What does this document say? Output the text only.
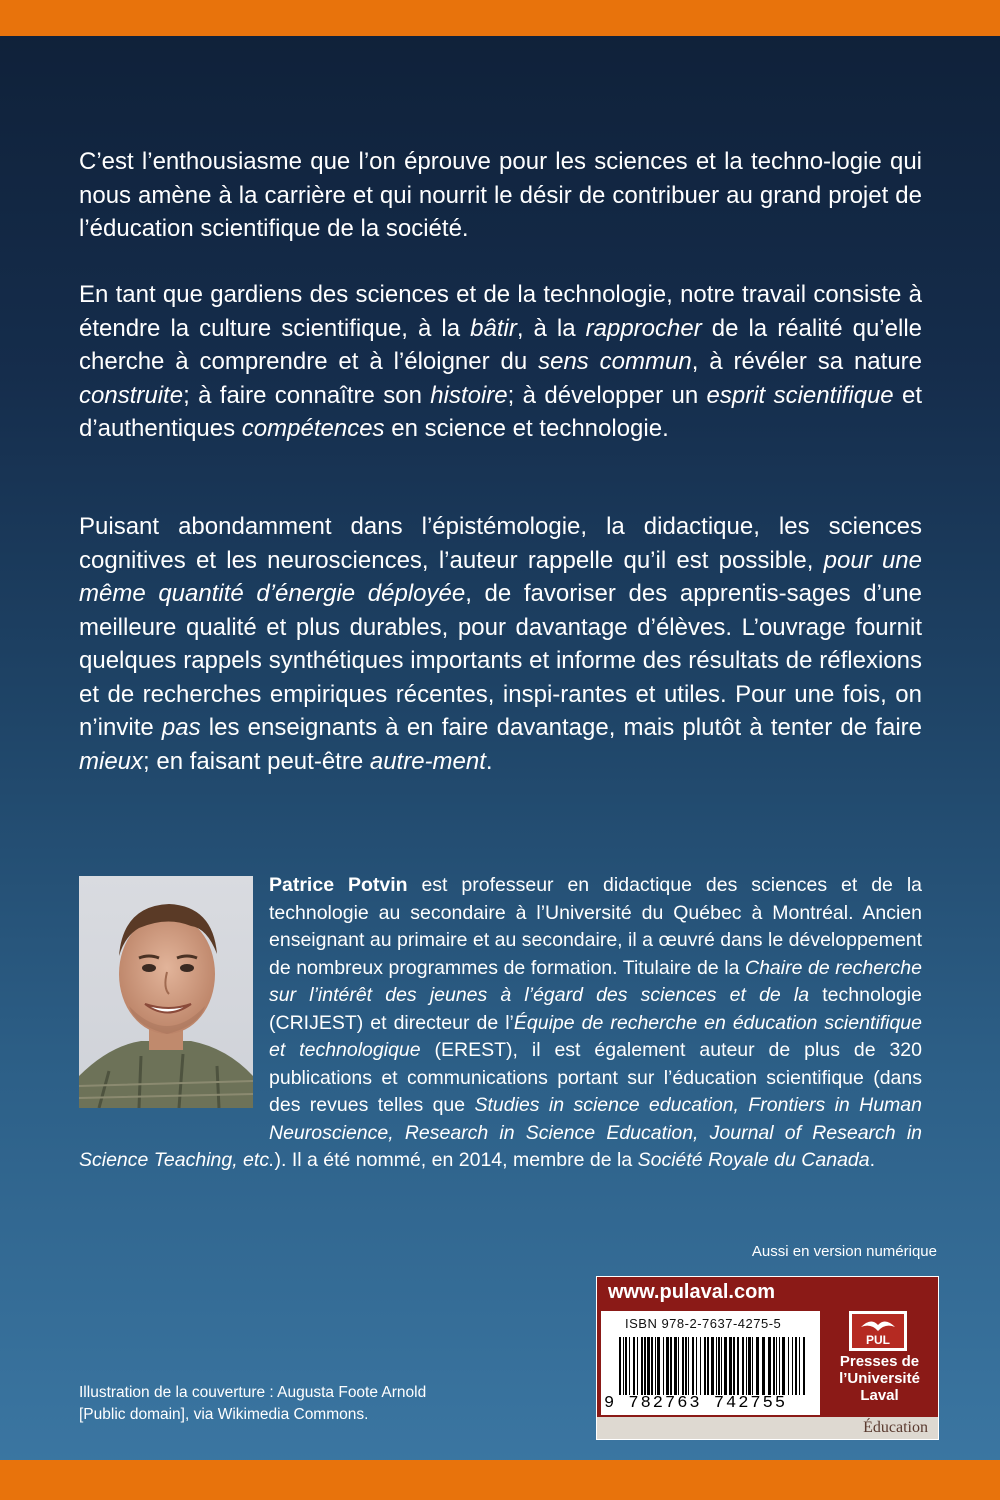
C’est l’enthousiasme que l’on éprouve pour les sciences et la techno-logie qui nous amène à la carrière et qui nourrit le désir de contribuer au grand projet de l’éducation scientifique de la société.

En tant que gardiens des sciences et de la technologie, notre travail consiste à étendre la culture scientifique, à la bâtir, à la rapprocher de la réalité qu’elle cherche à comprendre et à l’éloigner du sens commun, à révéler sa nature construite; à faire connaître son histoire; à développer un esprit scientifique et d’authentiques compétences en science et technologie.

Puisant abondamment dans l’épistémologie, la didactique, les sciences cognitives et les neurosciences, l’auteur rappelle qu’il est possible, pour une même quantité d’énergie déployée, de favoriser des apprentis-sages d’une meilleure qualité et plus durables, pour davantage d’élèves. L’ouvrage fournit quelques rappels synthétiques importants et informe des résultats de réflexions et de recherches empiriques récentes, inspi-rantes et utiles. Pour une fois, on n’invite pas les enseignants à en faire davantage, mais plutôt à tenter de faire mieux; en faisant peut-être autre-ment.

Patrice Potvin est professeur en didactique des sciences et de la technologie au secondaire à l’Université du Québec à Montréal. Ancien enseignant au primaire et au secondaire, il a œuvré dans le développement de nombreux programmes de formation. Titulaire de la Chaire de recherche sur l’intérêt des jeunes à l’égard des sciences et de la technologie (CRIJEST) et directeur de l’Équipe de recherche en éducation scientifique et technologique (EREST), il est également auteur de plus de 320 publications et communications portant sur l’éducation scientifique (dans des revues telles que Studies in science education, Frontiers in Human Neuroscience, Research in Science Education, Journal of Research in Science Teaching, etc.). Il a été nommé, en 2014, membre de la Société Royale du Canada.

Aussi en version numérique
www.pulaval.com
ISBN 978-2-7637-4275-5
9 782763 742755
PUL
Presses de
l’Université
Laval
Éducation
Illustration de la couverture : Augusta Foote Arnold
[Public domain], via Wikimedia Commons.
